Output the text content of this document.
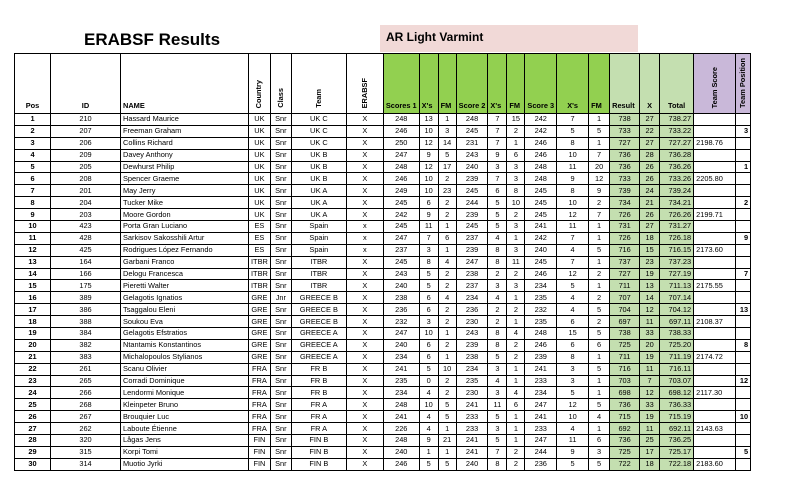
ERABSF Results	AR Light Varmint
Pos	ID	NAME	Country	Class	Team	ERABSF	Scores 1	X's	FM	Score 2	X's	FM	Score 3	X's	FM	Result	X	Total	Team Score	Team Position
1	210	Hassard Maurice	UK	Snr	UK C	X	248	13	1	248	7	15	242	7	1	738	27	738.27		
2	207	Freeman Graham	UK	Snr	UK C	X	246	10	3	245	7	2	242	5	5	733	22	733.22		3
3	206	Collins Richard	UK	Snr	UK C	X	250	12	14	231	7	1	246	8	1	727	27	727.27	2198.76	
4	209	Davey Anthony	UK	Snr	UK B	X	247	9	5	243	9	6	246	10	7	736	28	736.28		
5	205	Dewhurst Philip	UK	Snr	UK B	X	248	12	17	240	3	3	248	11	20	736	26	736.26		1
6	208	Spencer Graeme	UK	Snr	UK B	X	246	10	2	239	7	3	248	9	12	733	26	733.26	2205.80	
7	201	May Jerry	UK	Snr	UK A	X	249	10	23	245	6	8	245	8	9	739	24	739.24		
8	204	Tucker Mike	UK	Snr	UK A	X	245	6	2	244	5	10	245	10	2	734	21	734.21		2
9	203	Moore Gordon	UK	Snr	UK A	X	242	9	2	239	5	2	245	12	7	726	26	726.26	2199.71	
10	423	Porta Gran Luciano	ES	Snr	Spain	x	245	11	1	245	5	3	241	11	1	731	27	731.27		
11	428	Sarkisov Sakosshili Artur	ES	Snr	Spain	x	247	7	6	237	4	1	242	7	1	726	18	726.18		9
12	425	Rodrigues López Fernando	ES	Snr	Spain	x	237	3	1	239	8	3	240	4	5	716	15	716.15	2173.60	
13	164	Garbani Franco	ITBR	Snr	ITBR	X	245	8	4	247	8	11	245	7	1	737	23	737.23		
14	166	Delogu Francesca	ITBR	Snr	ITBR	X	243	5	2	238	2	2	246	12	2	727	19	727.19		7
15	175	Pieretti Walter	ITBR	Snr	ITBR	X	240	5	2	237	3	3	234	5	1	711	13	711.13	2175.55	
16	389	Gelagotis Ignatios	GRE	Jnr	GREECE B	X	238	6	4	234	4	1	235	4	2	707	14	707.14		
17	386	Tsaggalou Eleni	GRE	Snr	GREECE B	X	236	6	2	236	2	2	232	4	5	704	12	704.12		13
18	388	Soukou Eva	GRE	Snr	GREECE B	X	232	3	2	230	2	1	235	6	2	697	11	697.11	2108.37	
19	384	Gelagotis Efstratios	GRE	Snr	GREECE A	X	247	10	1	243	8	4	248	15	5	738	33	738.33		
20	382	Ntantamis Konstantinos	GRE	Snr	GREECE A	X	240	6	2	239	8	2	246	6	6	725	20	725.20		8
21	383	Michalopoulos Stylianos	GRE	Snr	GREECE A	X	234	6	1	238	5	2	239	8	1	711	19	711.19	2174.72	
22	261	Scanu Olivier	FRA	Snr	FR B	X	241	5	10	234	3	1	241	3	5	716	11	716.11		
23	265	Corradi Dominique	FRA	Snr	FR B	X	235	0	2	235	4	1	233	3	1	703	7	703.07		12
24	266	Lendormi Monique	FRA	Snr	FR B	X	234	4	2	230	3	4	234	5	1	698	12	698.12	2117.30	
25	268	Kleinpeter Bruno	FRA	Snr	FR A	X	248	10	5	241	11	6	247	12	5	736	33	736.33		
26	267	Brouquier Luc	FRA	Snr	FR A	X	241	4	5	233	5	1	241	10	4	715	19	715.19		10
27	262	Laboute Étienne	FRA	Snr	FR A	X	226	4	1	233	3	1	233	4	1	692	11	692.11	2143.63	
28	320	Lågas Jens	FIN	Snr	FIN B	X	248	9	21	241	5	1	247	11	6	736	25	736.25		
29	315	Korpi Tomi	FIN	Snr	FIN B	X	240	1	1	241	7	2	244	9	3	725	17	725.17		5
30	314	Muotio Jyrki	FIN	Snr	FIN B	X	246	5	5	240	8	2	236	5	5	722	18	722.18	2183.60	
